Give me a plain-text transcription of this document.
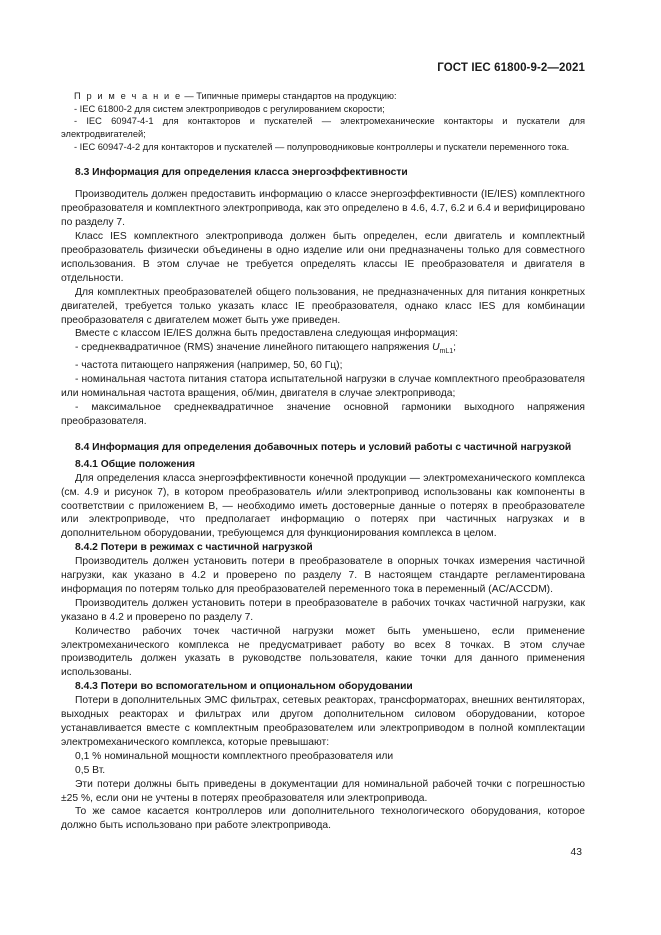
ГОСТ IEC 61800-9-2—2021

П р и м е ч а н и е — Типичные примеры стандартов на продукцию:

- IEC 61800-2 для систем электроприводов с регулированием скорости;

- IEC 60947-4-1 для контакторов и пускателей — электромеханические контакторы и пускатели для электродвигателей;

- IEC 60947-4-2 для контакторов и пускателей — полупроводниковые контроллеры и пускатели переменного тока.

8.3 Информация для определения класса энергоэффективности

Производитель должен предоставить информацию о классе энергоэффективности (IE/IES) комплектного преобразователя и комплектного электропривода, как это определено в 4.6, 4.7, 6.2 и 6.4 и верифицировано по разделу 7.

Класс IES комплектного электропривода должен быть определен, если двигатель и комплектный преобразователь физически объединены в одно изделие или они предназначены только для совместного использования. В этом случае не требуется определять классы IE преобразователя и двигателя в отдельности.

Для комплектных преобразователей общего пользования, не предназначенных для питания конкретных двигателей, требуется только указать класс IE преобразователя, однако класс IES для комбинации преобразователя с двигателем может быть уже приведен.

Вместе с классом IE/IES должна быть предоставлена следующая информация:

- среднеквадратичное (RMS) значение линейного питающего напряжения $U_{mL1}$;

- частота питающего напряжения (например, 50, 60 Гц);

- номинальная частота питания статора испытательной нагрузки в случае комплектного преобразователя или номинальная частота вращения, об/мин, двигателя в случае электропривода;

- максимальное среднеквадратичное значение основной гармоники выходного напряжения преобразователя.

8.4 Информация для определения добавочных потерь и условий работы с частичной нагрузкой

8.4.1 Общие положения

Для определения класса энергоэффективности конечной продукции — электромеханического комплекса (см. 4.9 и рисунок 7), в котором преобразователь и/или электропривод использованы как компоненты в соответствии с приложением В, — необходимо иметь достоверные данные о потерях в преобразователе или электроприводе, что предполагает информацию о потерях при частичных нагрузках и в дополнительном оборудовании, требующемся для функционирования комплекса в целом.

8.4.2 Потери в режимах с частичной нагрузкой

Производитель должен установить потери в преобразователе в опорных точках измерения частичной нагрузки, как указано в 4.2 и проверено по разделу 7. В настоящем стандарте регламентирована информация по потерям только для преобразователей переменного тока в переменный (AC/ACCDM).

Производитель должен установить потери в преобразователе в рабочих точках частичной нагрузки, как указано в 4.2 и проверено по разделу 7.

Количество рабочих точек частичной нагрузки может быть уменьшено, если применение электромеханического комплекса не предусматривает работу во всех 8 точках. В этом случае производитель должен указать в руководстве пользователя, какие точки для данного применения использованы.

8.4.3 Потери во вспомогательном и опциональном оборудовании

Потери в дополнительных ЭМС фильтрах, сетевых реакторах, трансформаторах, внешних вентиляторах, выходных реакторах и фильтрах или другом дополнительном силовом оборудовании, которое устанавливается вместе с комплектным преобразователем или электроприводом в полной комплектации электромеханического комплекса, которые превышают:

0,1 % номинальной мощности комплектного преобразователя или

0,5 Вт.

Эти потери должны быть приведены в документации для номинальной рабочей точки с погрешностью ±25 %, если они не учтены в потерях преобразователя или электропривода.

То же самое касается контроллеров или дополнительного технологического оборудования, которое должно быть использовано при работе электропривода.

43
